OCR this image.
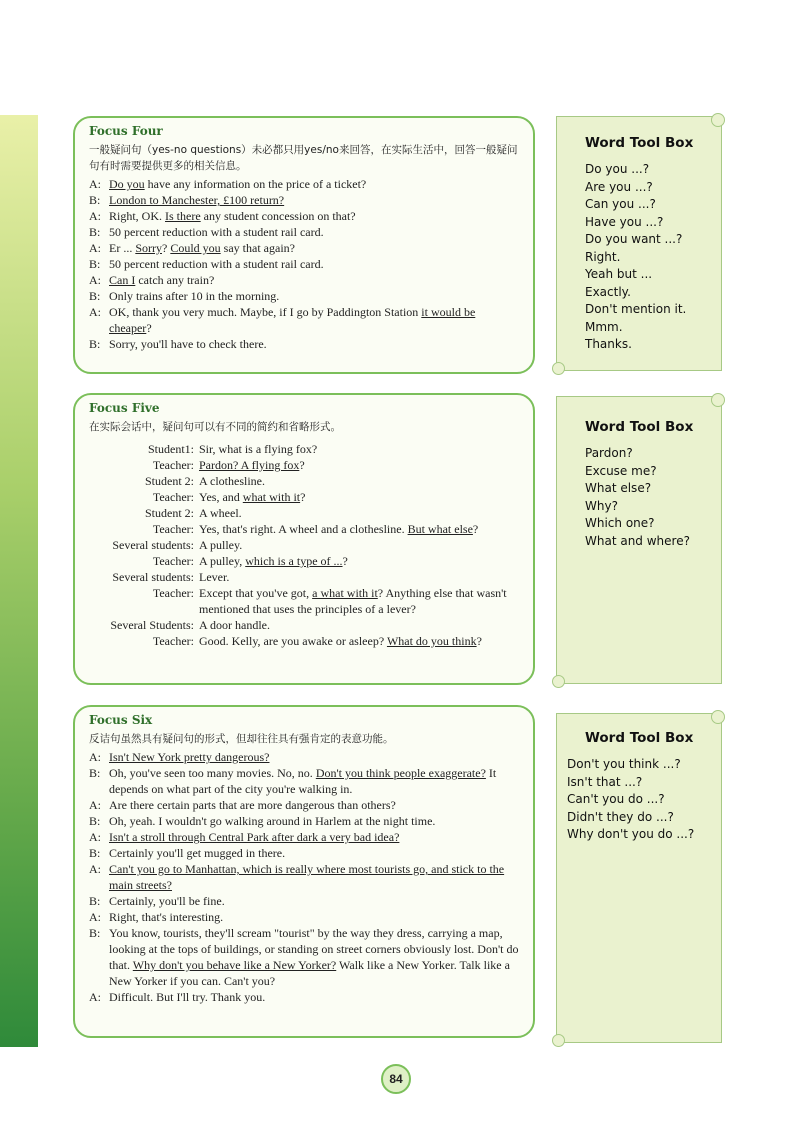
Focus Four
一般疑问句（yes-no questions）未必都只用yes/no来回答，在实际生活中，回答一般疑问句有时需要提供更多的相关信息。
A: Do you have any information on the price of a ticket?
B: London to Manchester, £100 return?
A: Right, OK. Is there any student concession on that?
B: 50 percent reduction with a student rail card.
A: Er ... Sorry? Could you say that again?
B: 50 percent reduction with a student rail card.
A: Can I catch any train?
B: Only trains after 10 in the morning.
A: OK, thank you very much. Maybe, if I go by Paddington Station it would be cheaper?
B: Sorry, you'll have to check there.
Focus Five
在实际会话中，疑问句可以有不同的简约和省略形式。
Student1: Sir, what is a flying fox?
Teacher: Pardon? A flying fox?
Student 2: A clothesline.
Teacher: Yes, and what with it?
Student 2: A wheel.
Teacher: Yes, that's right. A wheel and a clothesline. But what else?
Several students: A pulley.
Teacher: A pulley, which is a type of ...?
Several students: Lever.
Teacher: Except that you've got, a what with it? Anything else that wasn't mentioned that uses the principles of a lever?
Several Students: A door handle.
Teacher: Good. Kelly, are you awake or asleep? What do you think?
Focus Six
反诘句虽然具有疑问句的形式，但却往往具有强肯定的表意功能。
A: Isn't New York pretty dangerous?
B: Oh, you've seen too many movies. No, no. Don't you think people exaggerate? It depends on what part of the city you're walking in.
A: Are there certain parts that are more dangerous than others?
B: Oh, yeah. I wouldn't go walking around in Harlem at the night time.
A: Isn't a stroll through Central Park after dark a very bad idea?
B: Certainly you'll get mugged in there.
A: Can't you go to Manhattan, which is really where most tourists go, and stick to the main streets?
B: Certainly, you'll be fine.
A: Right, that's interesting.
B: You know, tourists, they'll scream "tourist" by the way they dress, carrying a map, looking at the tops of buildings, or standing on street corners obviously lost. Don't do that. Why don't you behave like a New Yorker? Walk like a New Yorker. Talk like a New Yorker if you can. Can't you?
A: Difficult. But I'll try. Thank you.
Word Tool Box
Do you ...?
Are you ...?
Can you ...?
Have you ...?
Do you want ...?
Right.
Yeah but ...
Exactly.
Don't mention it.
Mmm.
Thanks.
Word Tool Box
Pardon?
Excuse me?
What else?
Why?
Which one?
What and where?
Word Tool Box
Don't you think ...?
Isn't that ...?
Can't you do ...?
Didn't they do ...?
Why don't you do ...?
84
